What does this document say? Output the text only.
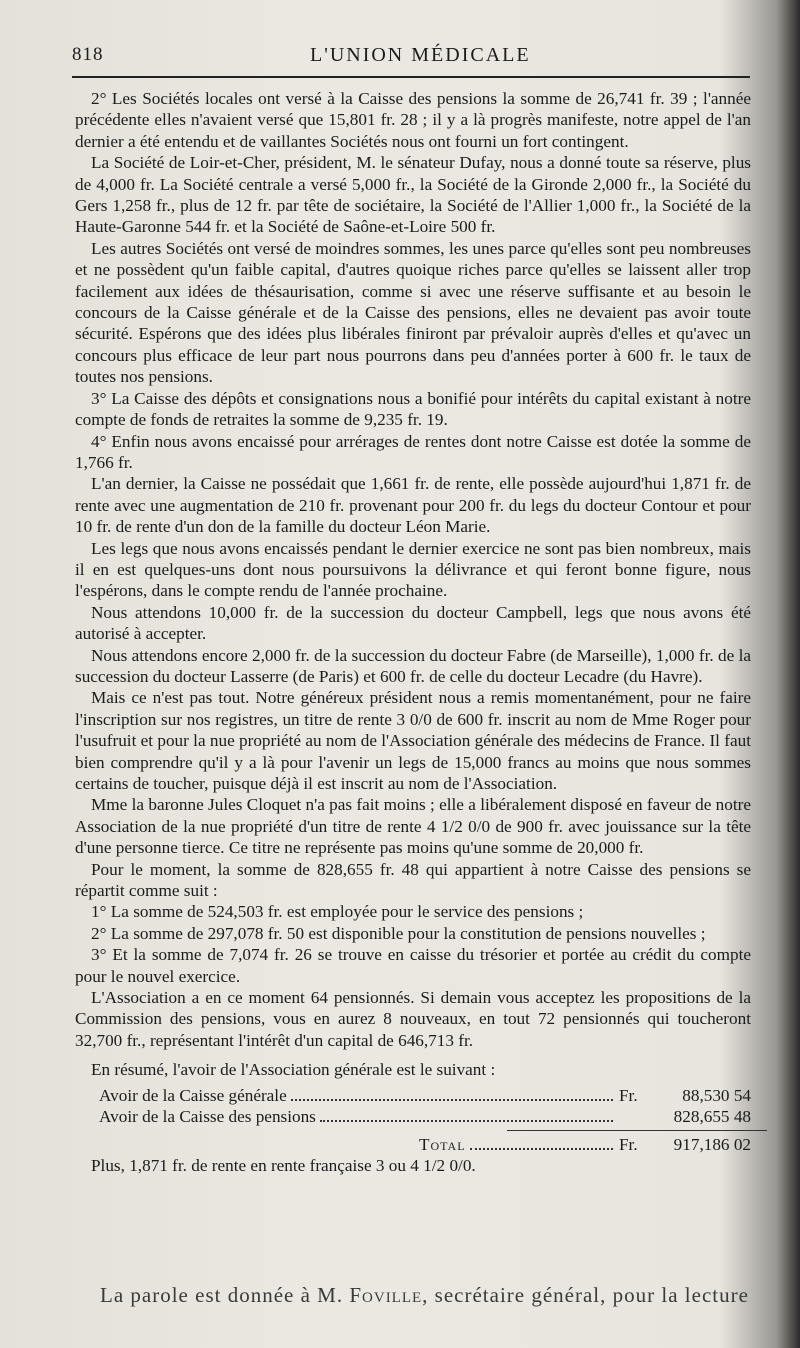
818	L'UNION MÉDICALE

2° Les Sociétés locales ont versé à la Caisse des pensions la somme de 26,741 fr. 39 ; l'année précédente elles n'avaient versé que 15,801 fr. 28 ; il y a là progrès manifeste, notre appel de l'an dernier a été entendu et de vaillantes Sociétés nous ont fourni un fort contingent.

La Société de Loir-et-Cher, président, M. le sénateur Dufay, nous a donné toute sa réserve, plus de 4,000 fr. La Société centrale a versé 5,000 fr., la Société de la Gironde 2,000 fr., la Société du Gers 1,258 fr., plus de 12 fr. par tête de sociétaire, la Société de l'Allier 1,000 fr., la Société de la Haute-Garonne 544 fr. et la Société de Saône-et-Loire 500 fr.

Les autres Sociétés ont versé de moindres sommes, les unes parce qu'elles sont peu nombreuses et ne possèdent qu'un faible capital, d'autres quoique riches parce qu'elles se laissent aller trop facilement aux idées de thésaurisation, comme si avec une réserve suffisante et au besoin le concours de la Caisse générale et de la Caisse des pensions, elles ne devaient pas avoir toute sécurité. Espérons que des idées plus libérales finiront par prévaloir auprès d'elles et qu'avec un concours plus efficace de leur part nous pourrons dans peu d'années porter à 600 fr. le taux de toutes nos pensions.

3° La Caisse des dépôts et consignations nous a bonifié pour intérêts du capital existant à notre compte de fonds de retraites la somme de 9,235 fr. 19.

4° Enfin nous avons encaissé pour arrérages de rentes dont notre Caisse est dotée la somme de 1,766 fr.

L'an dernier, la Caisse ne possédait que 1,661 fr. de rente, elle possède aujourd'hui 1,871 fr. de rente avec une augmentation de 210 fr. provenant pour 200 fr. du legs du docteur Contour et pour 10 fr. de rente d'un don de la famille du docteur Léon Marie.

Les legs que nous avons encaissés pendant le dernier exercice ne sont pas bien nombreux, mais il en est quelques-uns dont nous poursuivons la délivrance et qui feront bonne figure, nous l'espérons, dans le compte rendu de l'année prochaine.

Nous attendons 10,000 fr. de la succession du docteur Campbell, legs que nous avons été autorisé à accepter.

Nous attendons encore 2,000 fr. de la succession du docteur Fabre (de Marseille), 1,000 fr. de la succession du docteur Lasserre (de Paris) et 600 fr. de celle du docteur Lecadre (du Havre).

Mais ce n'est pas tout. Notre généreux président nous a remis momentanément, pour ne faire l'inscription sur nos registres, un titre de rente 3 0/0 de 600 fr. inscrit au nom de Mme Roger pour l'usufruit et pour la nue propriété au nom de l'Association générale des médecins de France. Il faut bien comprendre qu'il y a là pour l'avenir un legs de 15,000 francs au moins que nous sommes certains de toucher, puisque déjà il est inscrit au nom de l'Association.

Mme la baronne Jules Cloquet n'a pas fait moins ; elle a libéralement disposé en faveur de notre Association de la nue propriété d'un titre de rente 4 1/2 0/0 de 900 fr. avec jouissance sur la tête d'une personne tierce. Ce titre ne représente pas moins qu'une somme de 20,000 fr.

Pour le moment, la somme de 828,655 fr. 48 qui appartient à notre Caisse des pensions se répartit comme suit :

1° La somme de 524,503 fr. est employée pour le service des pensions ;

2° La somme de 297,078 fr. 50 est disponible pour la constitution de pensions nouvelles ;

3° Et la somme de 7,074 fr. 26 se trouve en caisse du trésorier et portée au crédit du compte pour le nouvel exercice.

L'Association a en ce moment 64 pensionnés. Si demain vous acceptez les propositions de la Commission des pensions, vous en aurez 8 nouveaux, en tout 72 pensionnés qui toucheront 32,700 fr., représentant l'intérêt d'un capital de 646,713 fr.

En résumé, l'avoir de l'Association générale est le suivant :

Avoir de la Caisse générale	Fr.	88,530 54
Avoir de la Caisse des pensions	828,655 48
Total	Fr.	917,186 02

Plus, 1,871 fr. de rente en rente française 3 ou 4 1/2 0/0.

La parole est donnée à M. Foville, secrétaire général, pour la lecture
